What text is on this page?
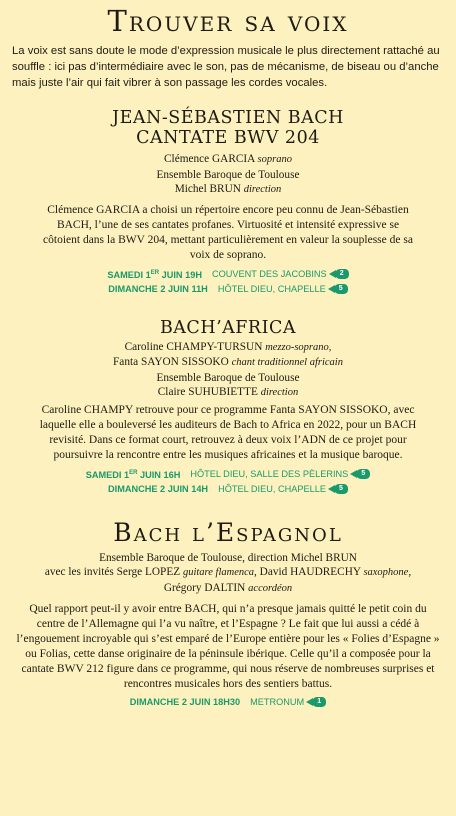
Trouver sa voix

La voix est sans doute le mode d’expression musicale le plus directement rattaché au souffle : ici pas d’intermédiaire avec le son, pas de mécanisme, de biseau ou d’anche mais juste l’air qui fait vibrer à son passage les cordes vocales.

JEAN-SÉBASTIEN BACH
CANTATE BWV 204
Clémence GARCIA soprano
Ensemble Baroque de Toulouse
Michel BRUN direction

Clémence GARCIA a choisi un répertoire encore peu connu de Jean-Sébastien BACH, l’une de ses cantates profanes. Virtuosité et intensité expressive se côtoient dans la BWV 204, mettant particulièrement en valeur la souplesse de sa voix de soprano.

SAMEDI 1ER JUIN 19H COUVENT DES JACOBINS	2
DIMANCHE 2 JUIN 11H HÔTEL DIEU, CHAPELLE	5
BACH’AFRICA
Caroline CHAMPY-TURSUN mezzo-soprano,
Fanta SAYON SISSOKO chant traditionnel africain
Ensemble Baroque de Toulouse
Claire SUHUBIETTE direction

Caroline CHAMPY retrouve pour ce programme Fanta SAYON SISSOKO, avec laquelle elle a bouleversé les auditeurs de Bach to Africa en 2022, pour un BACH revisité. Dans ce format court, retrouvez à deux voix l’ADN de ce projet pour poursuivre la rencontre entre les musiques africaines et la musique baroque.

SAMEDI 1ER JUIN 16H HÔTEL DIEU, SALLE DES PÈLERINS	5
DIMANCHE 2 JUIN 14H HÔTEL DIEU, CHAPELLE	5
Bach l’Espagnol
Ensemble Baroque de Toulouse, direction Michel BRUN
avec les invités Serge LOPEZ guitare flamenca, David HAUDRECHY saxophone,
Grégory DALTIN accordéon

Quel rapport peut-il y avoir entre BACH, qui n’a presque jamais quitté le petit coin du centre de l’Allemagne qui l’a vu naître, et l’Espagne ? Le fait que lui aussi a cédé à l’engouement incroyable qui s’est emparé de l’Europe entière pour les « Folies d’Espagne » ou Folias, cette danse originaire de la péninsule ibérique. Celle qu’il a composée pour la cantate BWV 212 figure dans ce programme, qui nous réserve de nombreuses surprises et rencontres musicales hors des sentiers battus.

DIMANCHE 2 JUIN 18H30 METRONUM	1
